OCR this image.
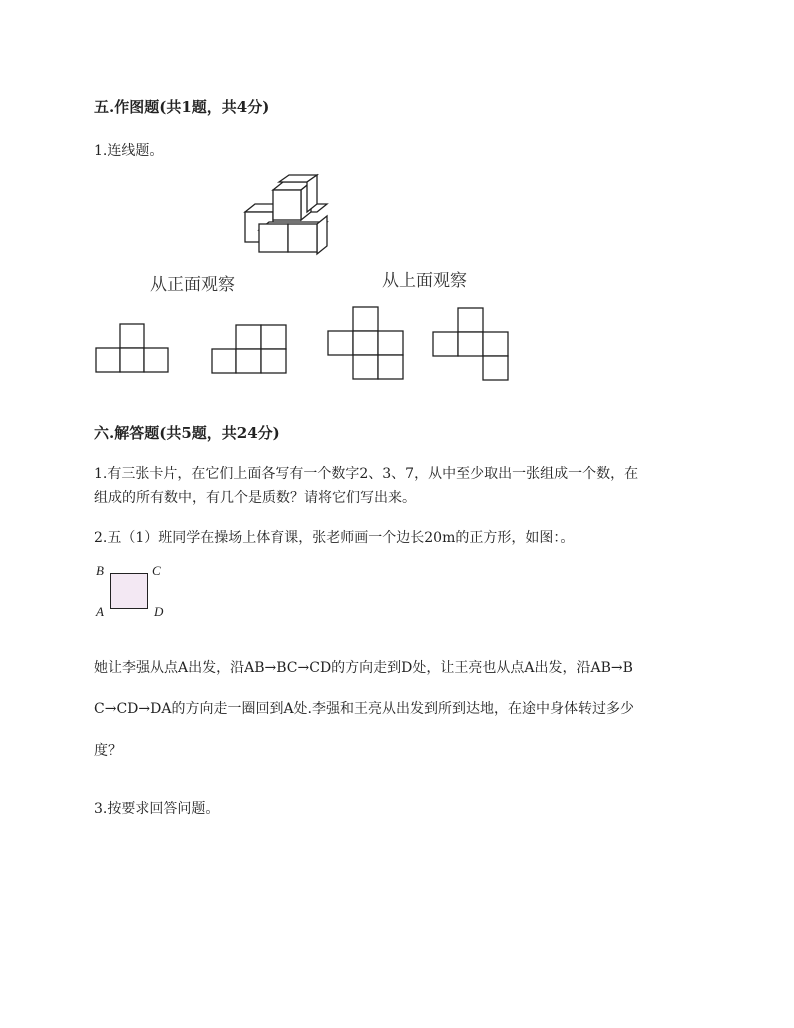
五.作图题(共1题，共4分)
1.连线题。
从正面观察	从上面观察
六.解答题(共5题，共24分)
1.有三张卡片，在它们上面各写有一个数字2、3、7，从中至少取出一张组成一个数，在
组成的所有数中，有几个是质数？请将它们写出来。
2.五（1）班同学在操场上体育课，张老师画一个边长20m的正方形，如图：。
B	C
A	D
她让李强从点A出发，沿AB→BC→CD的方向走到D处，让王亮也从点A出发，沿AB→B
C→CD→DA的方向走一圈回到A处.李强和王亮从出发到所到达地，在途中身体转过多少
度？
3.按要求回答问题。
